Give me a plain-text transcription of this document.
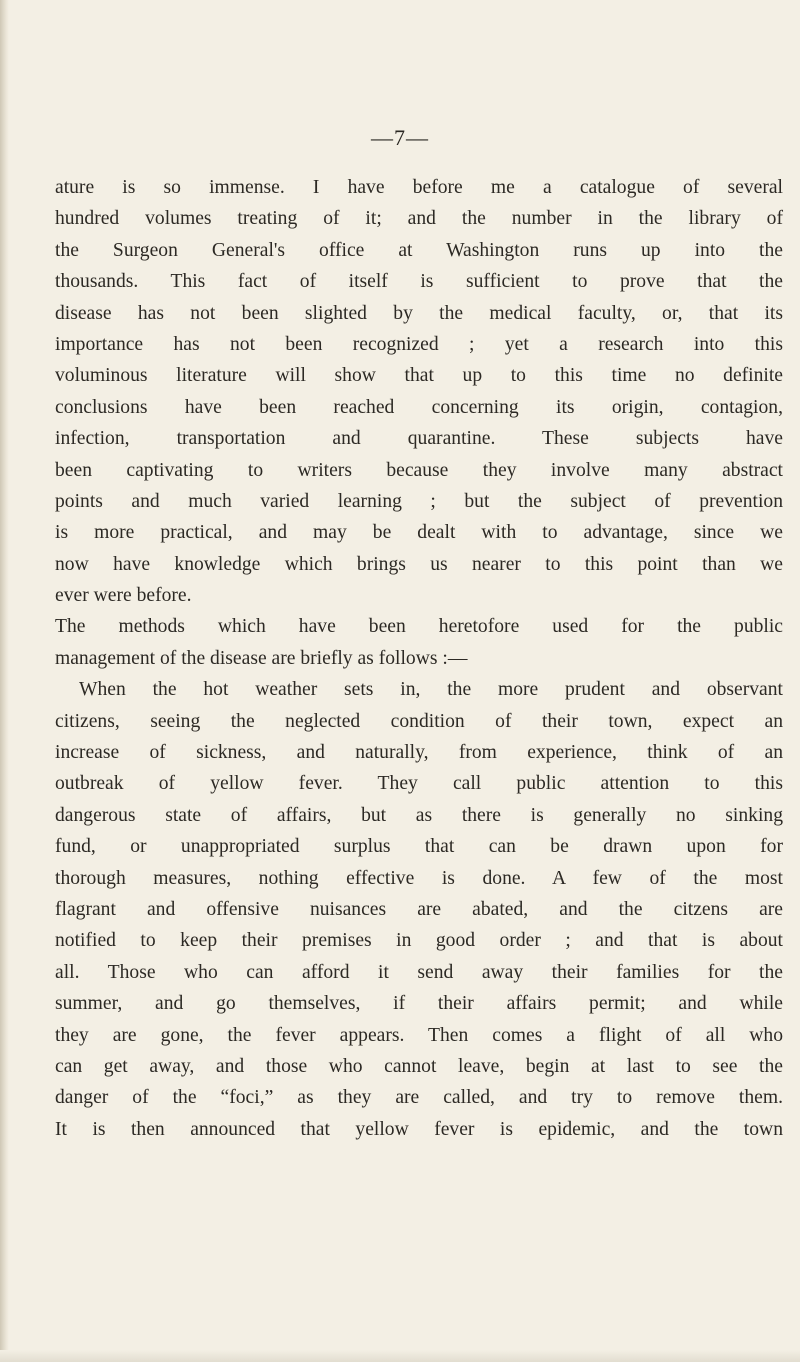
—7—
ature is so immense. I have before me a catalogue of several
hundred volumes treating of it; and the number in the library of
the Surgeon General's office at Washington runs up into the
thousands. This fact of itself is sufficient to prove that the
disease has not been slighted by the medical faculty, or, that its
importance has not been recognized ; yet a research into this
voluminous literature will show that up to this time no definite
conclusions have been reached concerning its origin, contagion,
infection, transportation and quarantine. These subjects have
been captivating to writers because they involve many abstract
points and much varied learning ; but the subject of prevention
is more practical, and may be dealt with to advantage, since we
now have knowledge which brings us nearer to this point than we
ever were before.
The methods which have been heretofore used for the public
management of the disease are briefly as follows :—
When the hot weather sets in, the more prudent and observant
citizens, seeing the neglected condition of their town, expect an
increase of sickness, and naturally, from experience, think of an
outbreak of yellow fever. They call public attention to this
dangerous state of affairs, but as there is generally no sinking
fund, or unappropriated surplus that can be drawn upon for
thorough measures, nothing effective is done. A few of the most
flagrant and offensive nuisances are abated, and the citzens are
notified to keep their premises in good order ; and that is about
all. Those who can afford it send away their families for the
summer, and go themselves, if their affairs permit; and while
they are gone, the fever appears. Then comes a flight of all who
can get away, and those who cannot leave, begin at last to see the
danger of the “foci,” as they are called, and try to remove them.
It is then announced that yellow fever is epidemic, and the town
